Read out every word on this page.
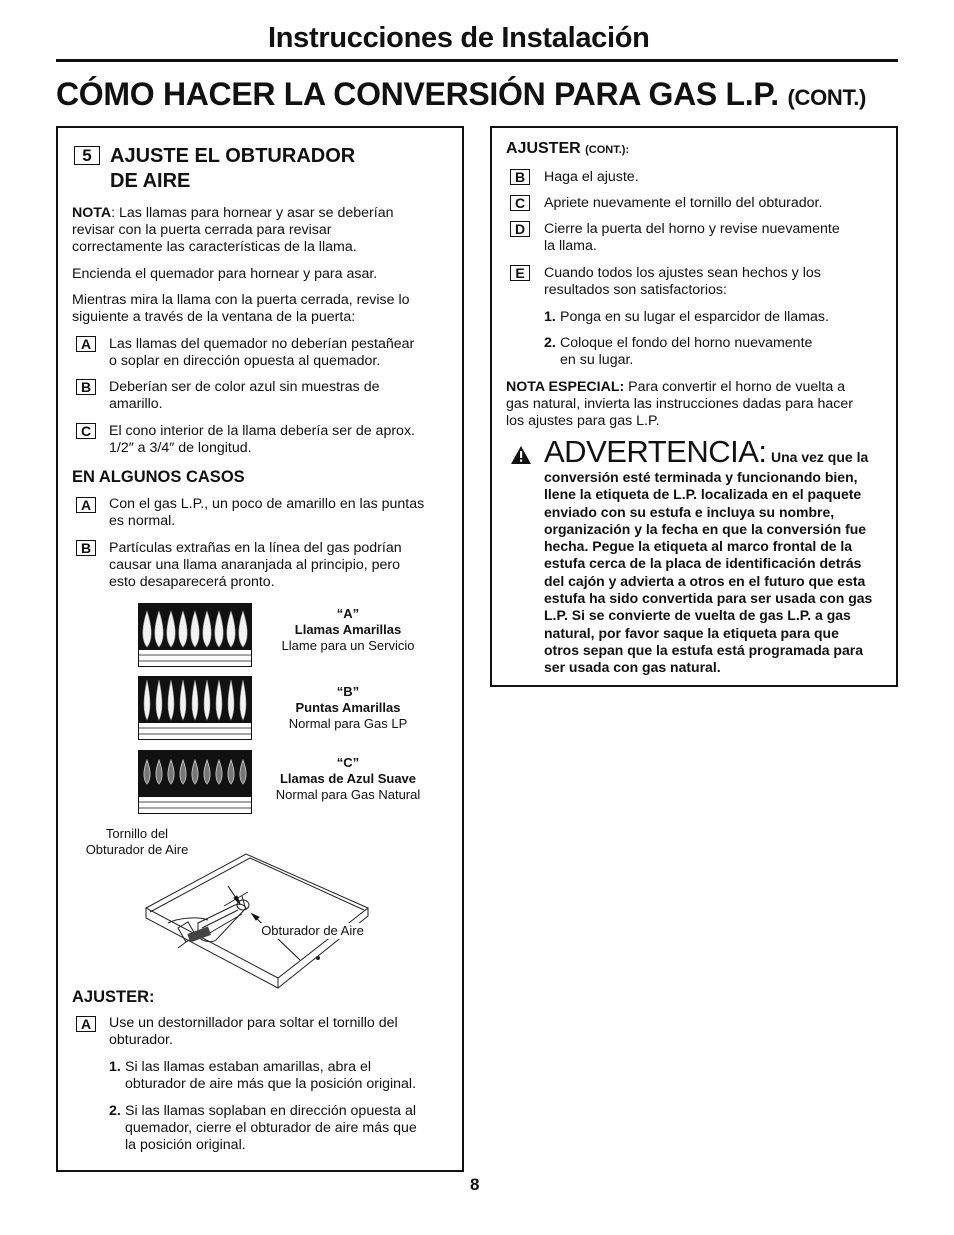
Instrucciones de Instalación
CÓMO HACER LA CONVERSIÓN PARA GAS L.P. (CONT.)
5 AJUSTE EL OBTURADOR
DE AIRE
NOTA: Las llamas para hornear y asar se deberían
revisar con la puerta cerrada para revisar
correctamente las características de la llama.
Encienda el quemador para hornear y para asar.
Mientras mira la llama con la puerta cerrada, revise lo
siguiente a través de la ventana de la puerta:
A	Las llamas del quemador no deberían pestañear
o soplar en dirección opuesta al quemador.
B	Deberían ser de color azul sin muestras de
amarillo.
C	El cono interior de la llama debería ser de aprox.
1/2″ a 3/4″ de longitud.
EN ALGUNOS CASOS
A	Con el gas L.P., un poco de amarillo en las puntas
es normal.
B	Partículas extrañas en la línea del gas podrían
causar una llama anaranjada al principio, pero
esto desaparecerá pronto.
“A”
Llamas Amarillas
Llame para un Servicio
“B”
Puntas Amarillas
Normal para Gas LP
“C”
Llamas de Azul Suave
Normal para Gas Natural
Tornillo del
Obturador de Aire
Obturador de Aire
AJUSTER:
A	Use un destornillador para soltar el tornillo del
obturador.
1. Si las llamas estaban amarillas, abra el
obturador de aire más que la posición original.
2. Si las llamas soplaban en dirección opuesta al
quemador, cierre el obturador de aire más que
la posición original.
AJUSTER (CONT.):
B	Haga el ajuste.
C	Apriete nuevamente el tornillo del obturador.
D	Cierre la puerta del horno y revise nuevamente
la llama.
E	Cuando todos los ajustes sean hechos y los
resultados son satisfactorios:
1. Ponga en su lugar el esparcidor de llamas.
2. Coloque el fondo del horno nuevamente
en su lugar.
NOTA ESPECIAL: Para convertir el horno de vuelta a
gas natural, invierta las instrucciones dadas para hacer
los ajustes para gas L.P.
ADVERTENCIA: Una vez que la
conversión esté terminada y funcionando bien,
llene la etiqueta de L.P. localizada en el paquete
enviado con su estufa e incluya su nombre,
organización y la fecha en que la conversión fue
hecha. Pegue la etiqueta al marco frontal de la
estufa cerca de la placa de identificación detrás
del cajón y advierta a otros en el futuro que esta
estufa ha sido convertida para ser usada con gas
L.P. Si se convierte de vuelta de gas L.P. a gas
natural, por favor saque la etiqueta para que
otros sepan que la estufa está programada para
ser usada con gas natural.
8
